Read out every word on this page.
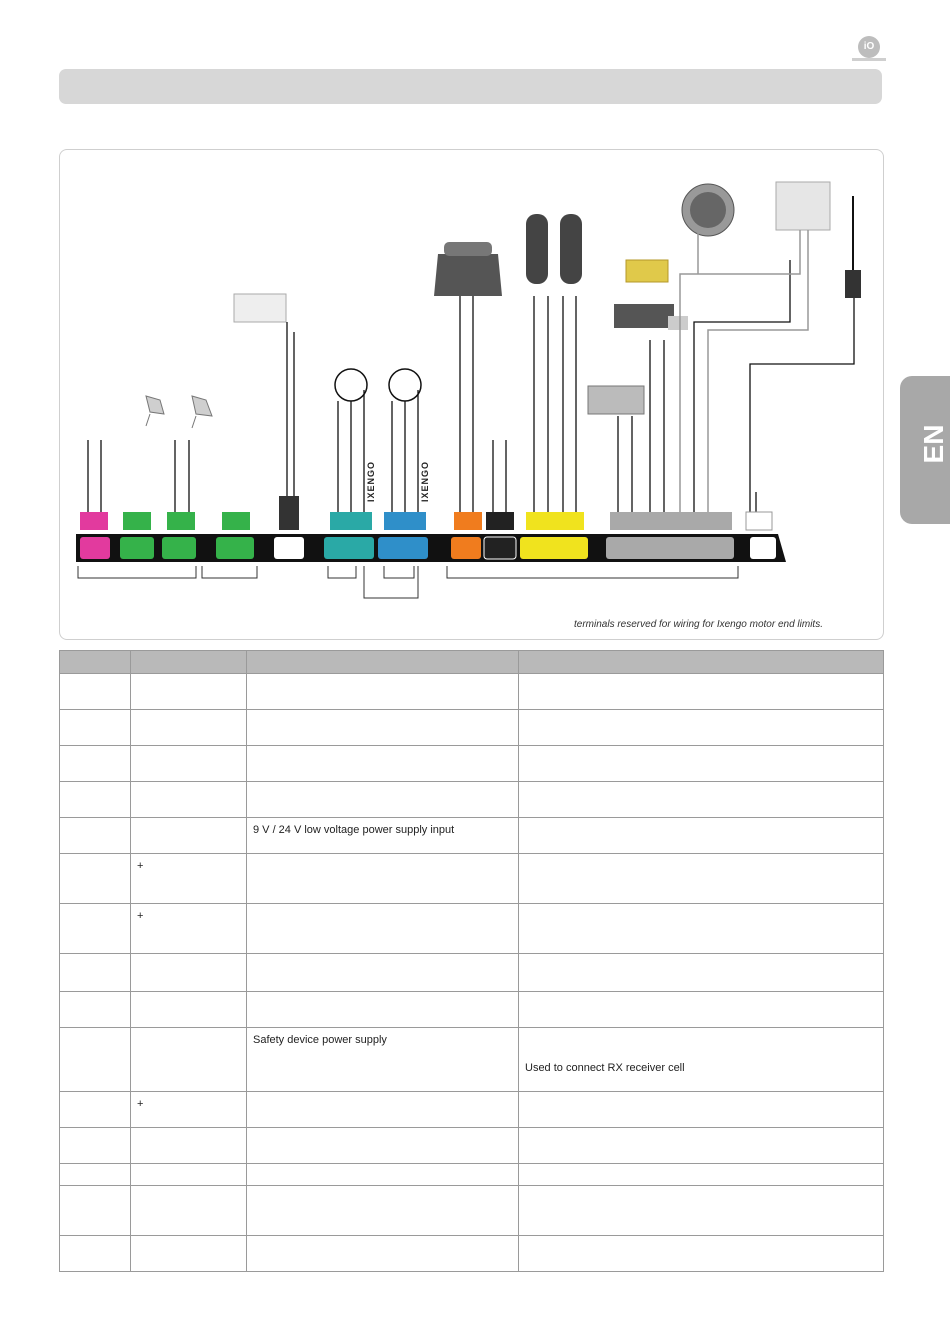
iO
EN
IXENGO	IXENGO
terminals reserved for wiring for Ixengo motor end limits.

		9 V / 24 V low voltage power supply input	
	+		
	+		

		Safety device power supply	Used to connect RX receiver cell
	+		
